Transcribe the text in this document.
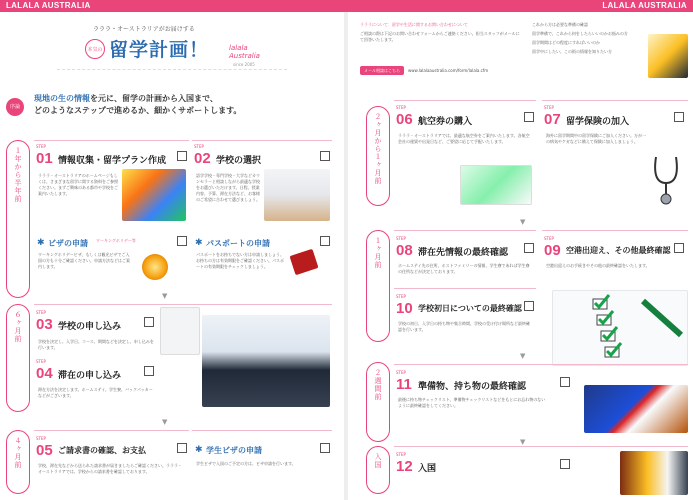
LALALA AUSTRALIA	LALALA AUSTRALIA
ラララ・オーストラリアがお届けする
本気の 留学計画！	lalala Australia
since 2005
序論
現地の生の情報を元に、留学の計画から入国まで、
どのようなステップで進めるか、細かくサポートします。
１年から半年前
６ヶ月前
４ヶ月前
STEP
01 情報収集・留学プラン作成
ラララ・オーストラリアのホームページもしくは、さまざまな留学に関する資料をご参照ください。まずご興味のある都市や学校をご案内いたします。
STEP
02 学校の選択
語学学校・専門学校・大学などカウンセラーと相談しながら最適な学校をお選びいただけます。日程、授業内容、予算、滞在方法など、お客様のご希望に合わせて選びましょう。
✱ ビザの申請 ワーキングホリデー等
ワーキングホリデービザ、もしくは観光ビザでご入国の方も十分ご確認ください。申請方法などはご案内します。
✱ パスポートの申請
パスポートをお持ちでない方は申請しましょう。お持ちの方は有効期限をご確認ください。パスポートの有効期限をチェックしましょう。
▼
STEP
03 学校の申し込み
学校を決定し、入学日、コース、期間などを決定し、申し込みを行います。
STEP
04 滞在の申し込み
滞在方法を決定します。ホームステイ、学生寮、バックパッカーなどがございます。
▼
STEP
05 ご請求書の確認、お支払
学校、滞在先などから送られた請求書が届きましたらご確認ください。ラララ・オーストラリアでは、学校からの請求書を確認しております。
✱ 学生ビザの申請
学生ビザで入国のご予定の方は、ビザ申請を行います。
ラララについて：留学や生活に関するお問い合わせについて
ご相談の際は下記のお問い合わせフォームからご連絡ください。担当スタッフがメールにて回答いたします。
メール相談はこちら	www.lalalaaustralia.com/form/lalala.cfm
これから方は必要な準備の確認
留学準備で、これから何をしたらいいのかお悩みの方
留学期間はどの程度にすればいいのか
留学中にしたい、この街の情報を知りたい方
２ヶ月から１ヶ月前
１ヶ月前
２週間前
入国
STEP
06 航空券の購入
ラララ・オーストラリアでは、最適な航空券をご案内いたします。各航空会社の運賃や出発日など、ご要望に応じて手配いたします。
STEP
07 留学保険の加入
海外に留学期間中の留学保険にご加入ください。万が一の病気やケガなどに備えて保険に加入しましょう。
▼
STEP
08 滞在先情報の最終確認
ホームステイ先の住所、ホストファミリーの情報、学生寮であれば学生寮の住所などが決定しております。
STEP
09 空港出迎え、その他最終確認
空港出迎えのお手続きやその他の最終確認をいたします。
STEP
10 学校初日についての最終確認
学校の初日、入学日の持ち物や集合時間、学校の受け付け場所など最終確認を行います。
▼
STEP
11 準備物、持ち物の最終確認
最後に持ち物チェックリスト、準備物チェックリストなどをもとにお忘れ物のないように最終確認をしてください。
▼
STEP
12 入国
